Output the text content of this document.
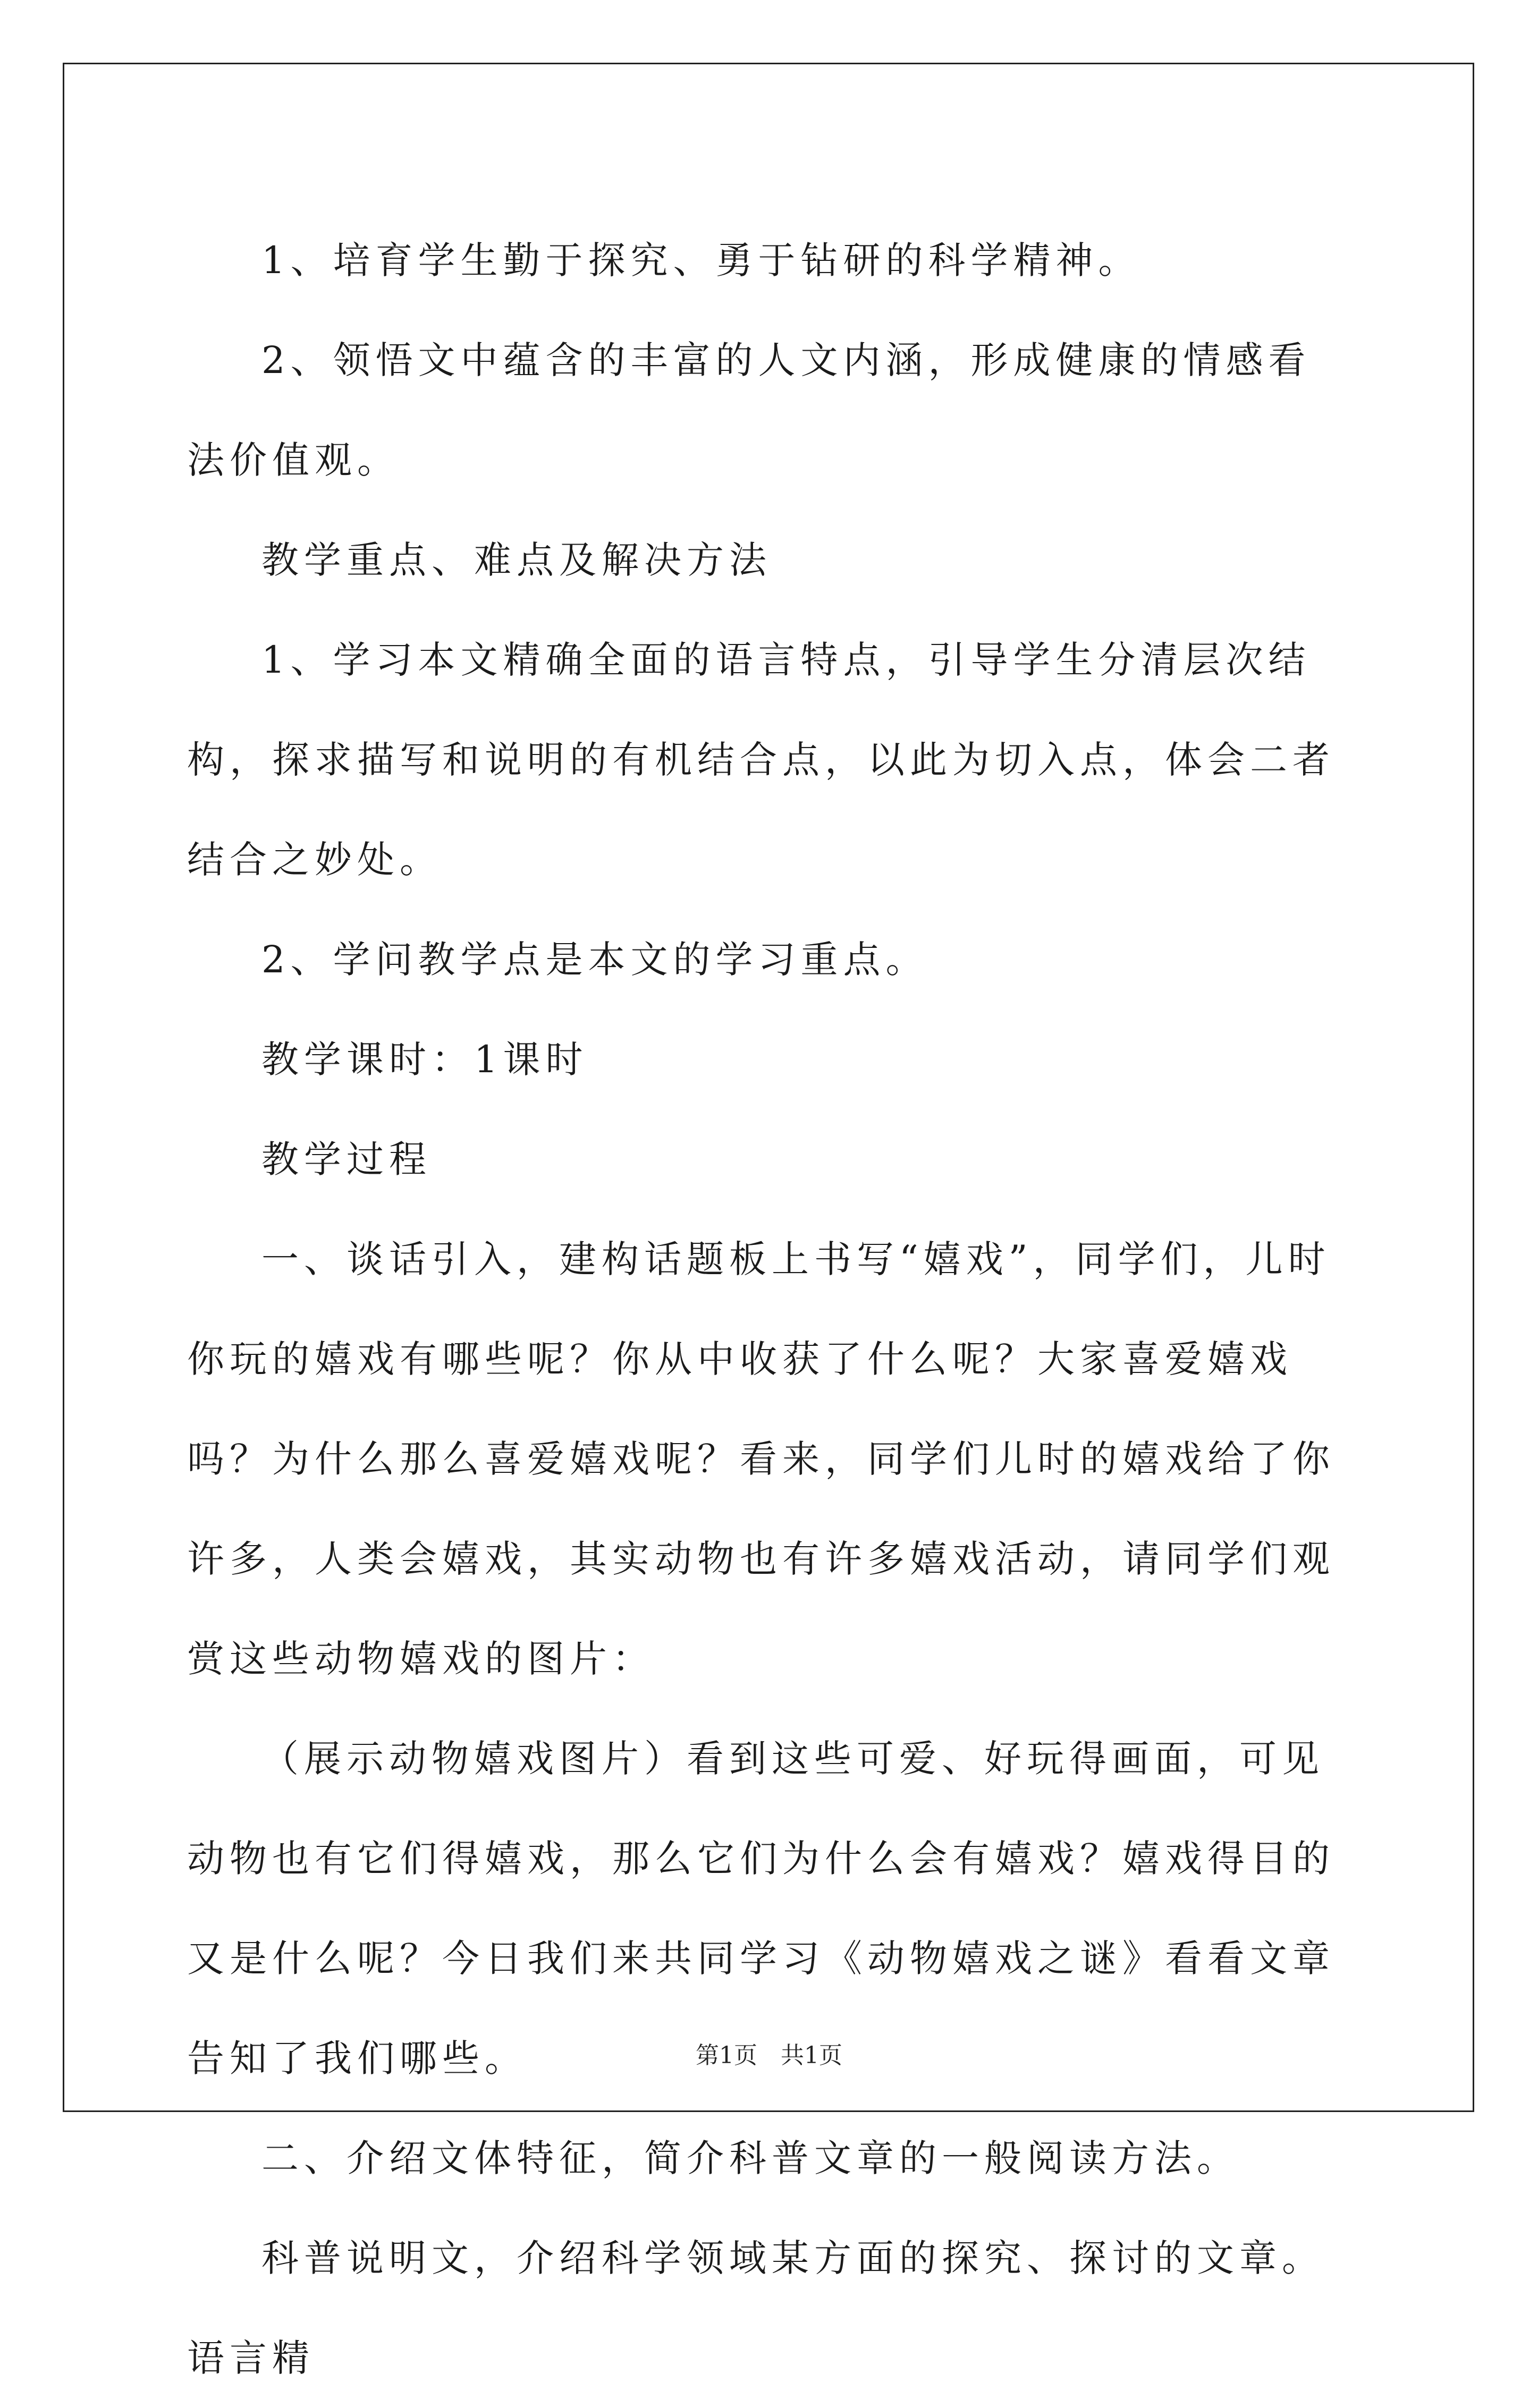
1、培育学生勤于探究、勇于钻研的科学精神。

2、领悟文中蕴含的丰富的人文内涵，形成健康的情感看法价值观。

教学重点、难点及解决方法

1、学习本文精确全面的语言特点，引导学生分清层次结构，探求描写和说明的有机结合点，以此为切入点，体会二者结合之妙处。

2、学问教学点是本文的学习重点。

教学课时：1课时

教学过程

一、谈话引入，建构话题板上书写“嬉戏”，同学们，儿时你玩的嬉戏有哪些呢？你从中收获了什么呢？大家喜爱嬉戏吗？为什么那么喜爱嬉戏呢？看来，同学们儿时的嬉戏给了你许多，人类会嬉戏，其实动物也有许多嬉戏活动，请同学们观赏这些动物嬉戏的图片：

（展示动物嬉戏图片）看到这些可爱、好玩得画面，可见动物也有它们得嬉戏，那么它们为什么会有嬉戏？嬉戏得目的又是什么呢？今日我们来共同学习《动物嬉戏之谜》看看文章告知了我们哪些。

二、介绍文体特征，简介科普文章的一般阅读方法。

科普说明文，介绍科学领域某方面的探究、探讨的文章。语言精

第1页 共1页
